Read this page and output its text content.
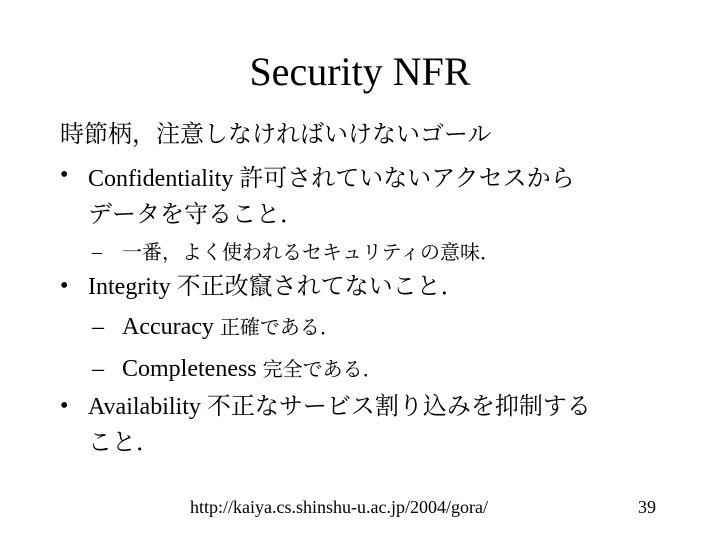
Security NFR
時節柄，注意しなければいけないゴール
• Confidentiality 許可されていないアクセスから
データを守ること．
– 一番，よく使われるセキュリティの意味．
• Integrity 不正改竄されてないこと．
– Accuracy 正確である．
– Completeness 完全である．
• Availability 不正なサービス割り込みを抑制する
こと．
http://kaiya.cs.shinshu-u.ac.jp/2004/gora/	39
